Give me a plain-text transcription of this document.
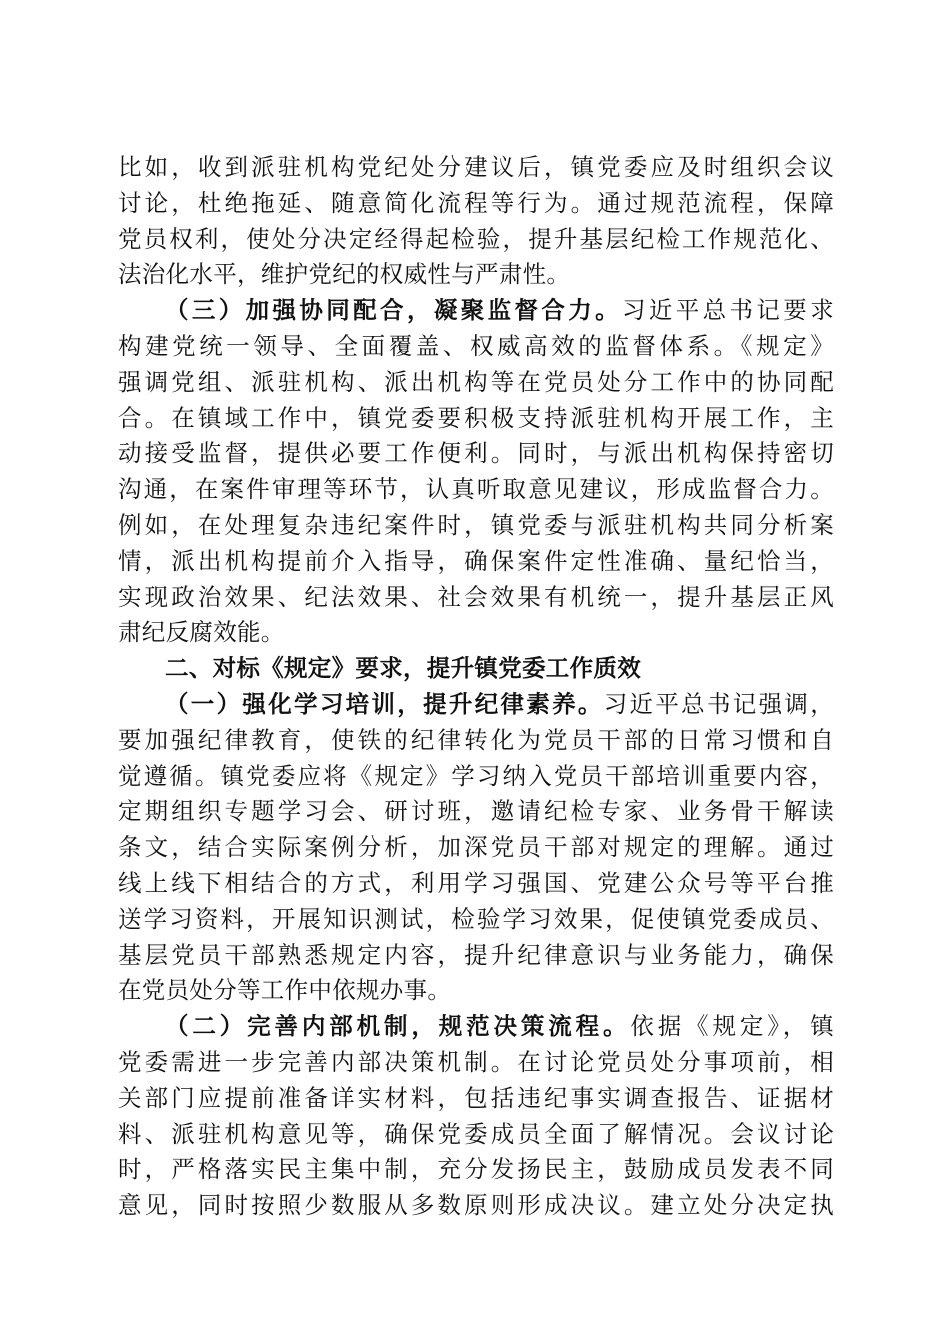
比如，收到派驻机构党纪处分建议后，镇党委应及时组织会议
讨论，杜绝拖延、随意简化流程等行为。通过规范流程，保障
党员权利，使处分决定经得起检验，提升基层纪检工作规范化、
法治化水平，维护党纪的权威性与严肃性。
（三）加强协同配合，凝聚监督合力。习近平总书记要求
构建党统一领导、全面覆盖、权威高效的监督体系。《规定》
强调党组、派驻机构、派出机构等在党员处分工作中的协同配
合。在镇域工作中，镇党委要积极支持派驻机构开展工作，主
动接受监督，提供必要工作便利。同时，与派出机构保持密切
沟通，在案件审理等环节，认真听取意见建议，形成监督合力。
例如，在处理复杂违纪案件时，镇党委与派驻机构共同分析案
情，派出机构提前介入指导，确保案件定性准确、量纪恰当，
实现政治效果、纪法效果、社会效果有机统一，提升基层正风
肃纪反腐效能。
二、对标《规定》要求，提升镇党委工作质效
（一）强化学习培训，提升纪律素养。习近平总书记强调，
要加强纪律教育，使铁的纪律转化为党员干部的日常习惯和自
觉遵循。镇党委应将《规定》学习纳入党员干部培训重要内容，
定期组织专题学习会、研讨班，邀请纪检专家、业务骨干解读
条文，结合实际案例分析，加深党员干部对规定的理解。通过
线上线下相结合的方式，利用学习强国、党建公众号等平台推
送学习资料，开展知识测试，检验学习效果，促使镇党委成员、
基层党员干部熟悉规定内容，提升纪律意识与业务能力，确保
在党员处分等工作中依规办事。
（二）完善内部机制，规范决策流程。依据《规定》，镇
党委需进一步完善内部决策机制。在讨论党员处分事项前，相
关部门应提前准备详实材料，包括违纪事实调查报告、证据材
料、派驻机构意见等，确保党委成员全面了解情况。会议讨论
时，严格落实民主集中制，充分发扬民主，鼓励成员发表不同
意见，同时按照少数服从多数原则形成决议。建立处分决定执
